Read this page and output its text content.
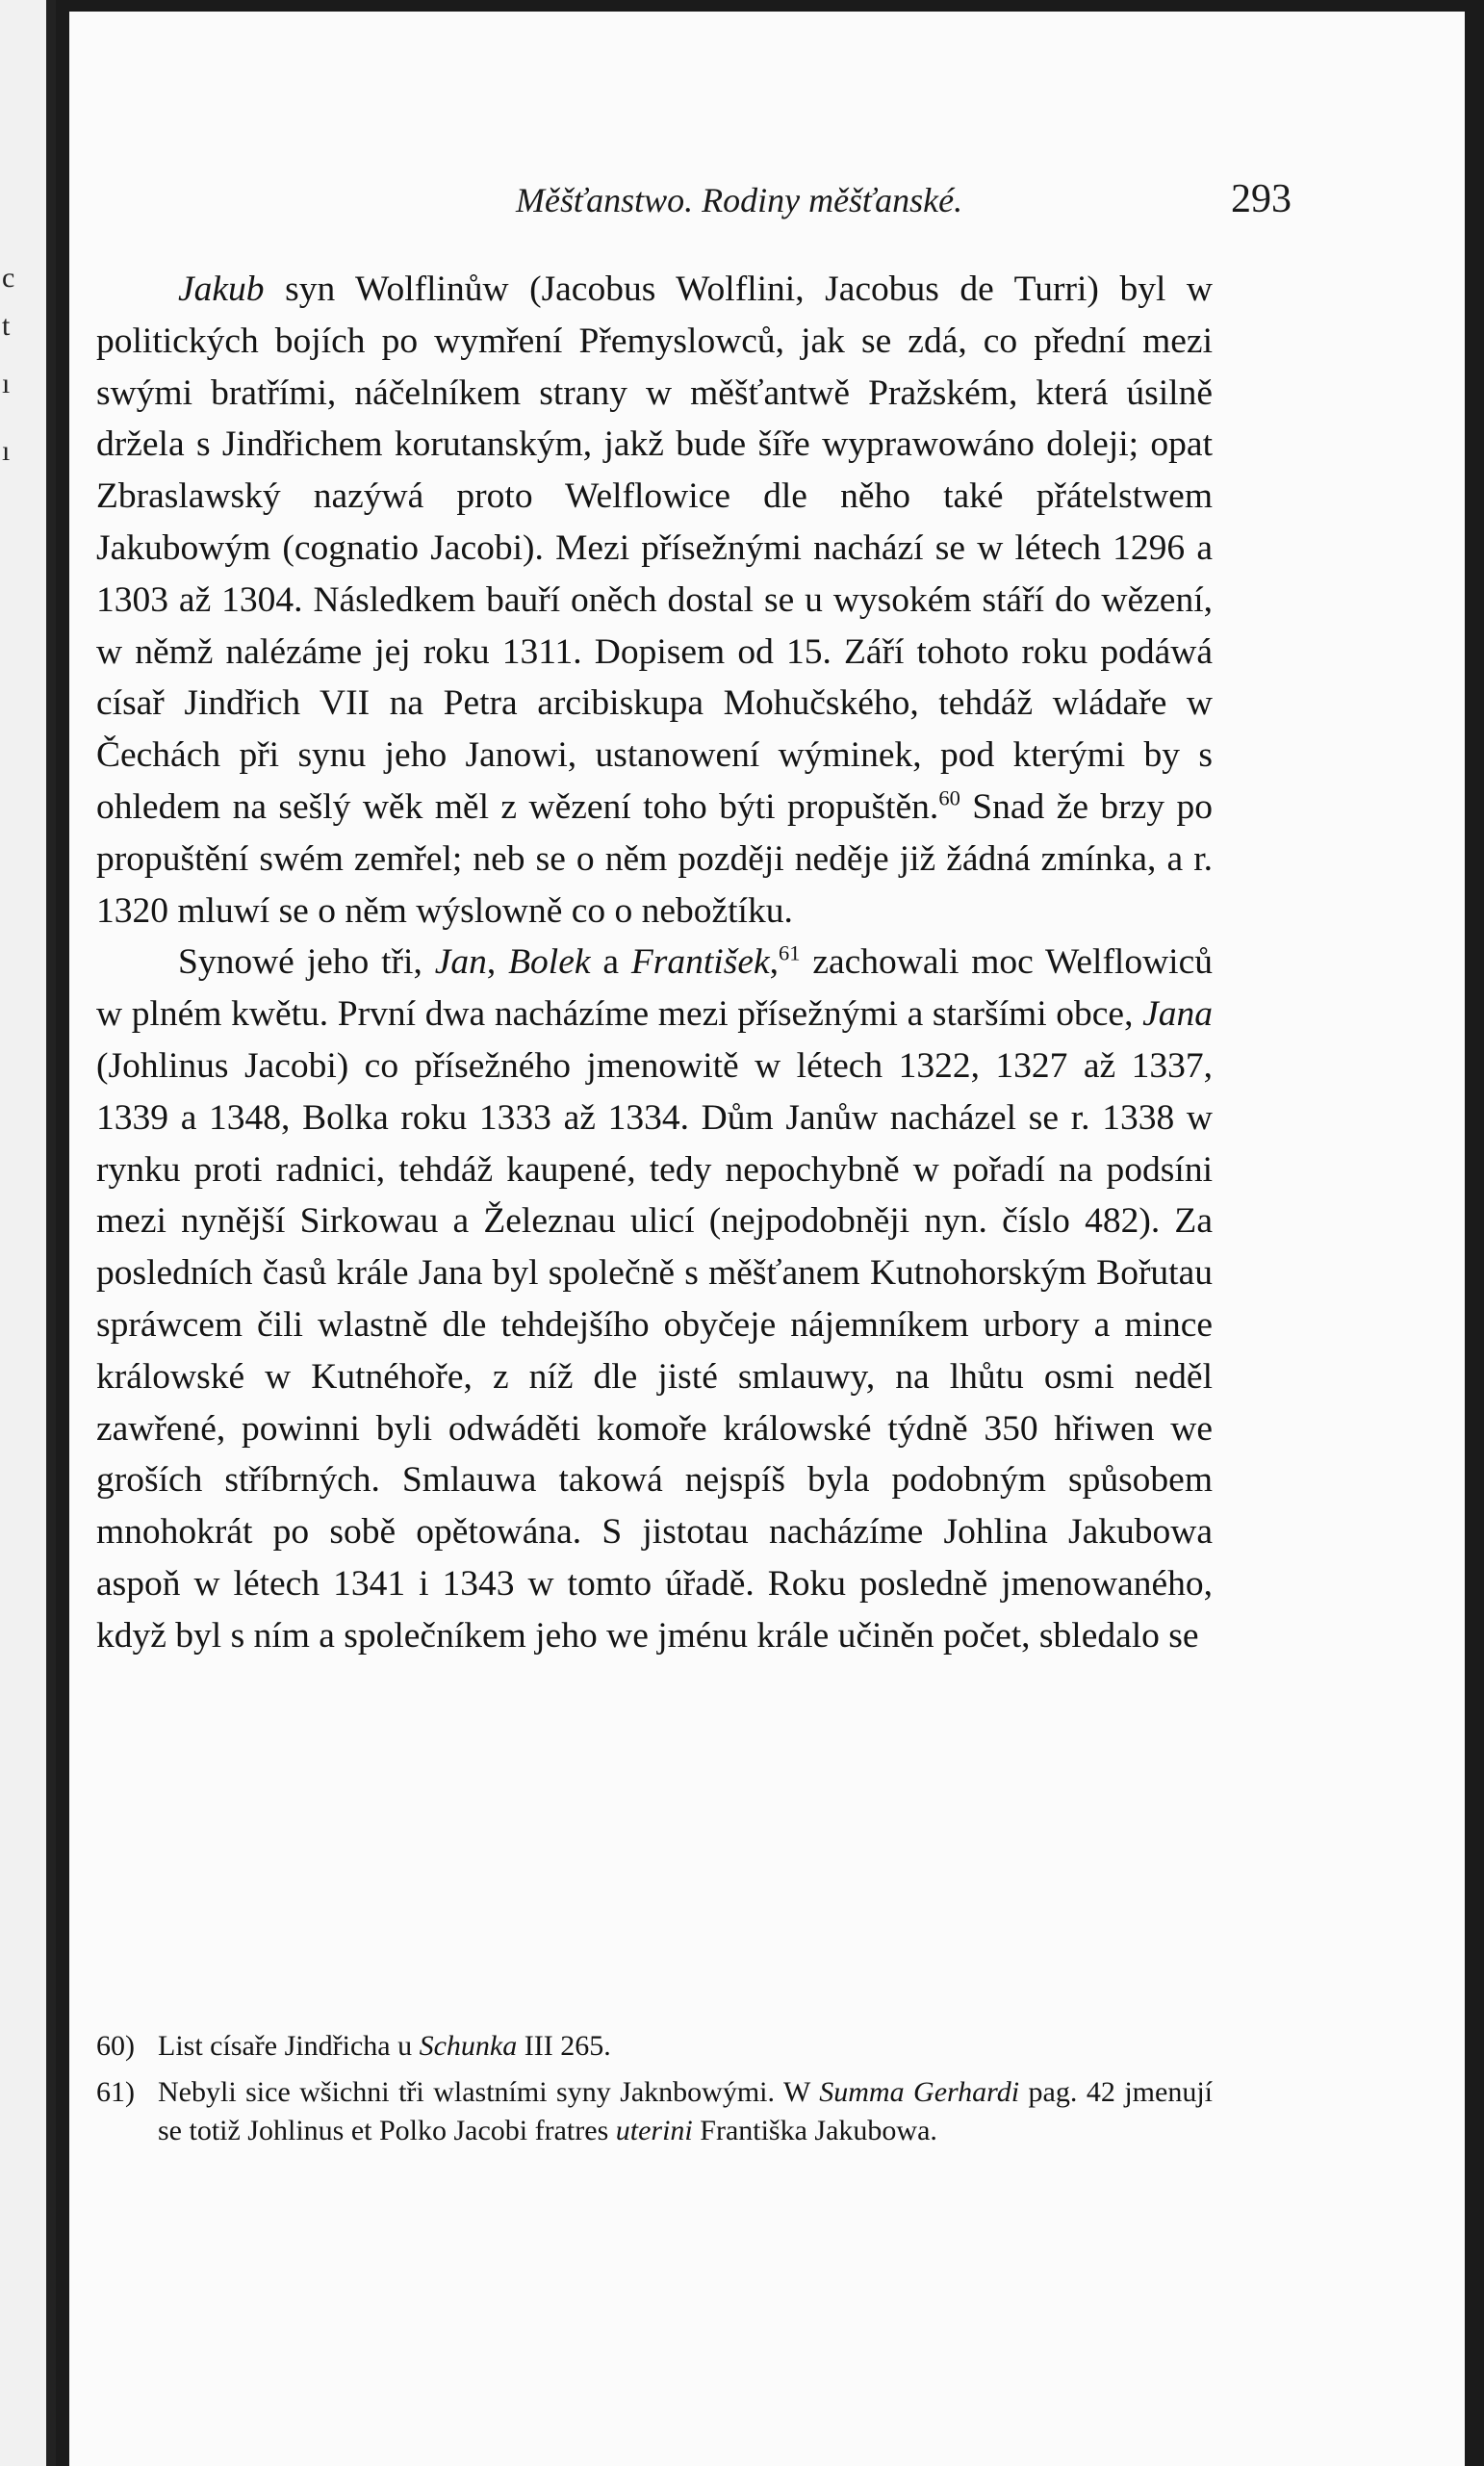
c
t
ı
ı
Měšťanstwo. Rodiny měšťanské.	293

Jakub syn Wolflinůw (Jacobus Wolflini, Jacobus de Turri) byl w politických bojích po wymření Přemyslowců, jak se zdá, co přední mezi swými bratřími, náčelníkem strany w měšťantwě Pražském, která úsilně držela s Jindřichem korutanským, jakž bude šíře wyprawowáno doleji; opat Zbraslawský nazýwá proto Welflowice dle něho také přátelstwem Jakubowým (cognatio Jacobi). Mezi přísežnými nachází se w létech 1296 a 1303 až 1304. Následkem bauří oněch dostal se u wysokém stáří do wězení, w němž nalézáme jej roku 1311. Dopisem od 15. Září tohoto roku podáwá císař Jindřich VII na Petra arcibiskupa Mohučského, tehdáž wládaře w Čechách při synu jeho Janowi, ustanowení wýminek, pod kterými by s ohledem na sešlý wěk měl z wězení toho býti propuštěn.$^{60}$ Snad že brzy po propuštění swém zemřel; neb se o něm později neděje již žádná zmínka, a r. 1320 mluwí se o něm wýslowně co o nebožtíku.

Synowé jeho tři, Jan, Bolek a František,$^{61}$ zachowali moc Welflowiců w plném kwětu. První dwa nacházíme mezi přísežnými a staršími obce, Jana (Johlinus Jacobi) co přísežného jmenowitě w létech 1322, 1327 až 1337, 1339 a 1348, Bolka roku 1333 až 1334. Dům Janůw nacházel se r. 1338 w rynku proti radnici, tehdáž kaupené, tedy nepochybně w pořadí na podsíni mezi nynější Sirkowau a Železnau ulicí (nejpodobněji nyn. číslo 482). Za posledních časů krále Jana byl společně s měšťanem Kutnohorským Bořutau spráwcem čili wlastně dle tehdejšího obyčeje nájemníkem urbory a mince králowské w Kutnéhoře, z níž dle jisté smlauwy, na lhůtu osmi neděl zawřené, powinni byli odwáděti komoře králowské týdně 350 hřiwen we groších stříbrných. Smlauwa takowá nejspíš byla podobným spůsobem mnohokrát po sobě opětowána. S jistotau nacházíme Johlina Jakubowa aspoň w létech 1341 i 1343 w tomto úřadě. Roku posledně jmenowaného, když byl s ním a společníkem jeho we jménu krále učiněn počet, sbledalo se

60) List císaře Jindřicha u Schunka III 265.

61) Nebyli sice wšichni tři wlastními syny Jaknbowými. W Summa Gerhardi pag. 42 jmenují se totiž Johlinus et Polko Jacobi fratres uterini Františka Jakubowa.
